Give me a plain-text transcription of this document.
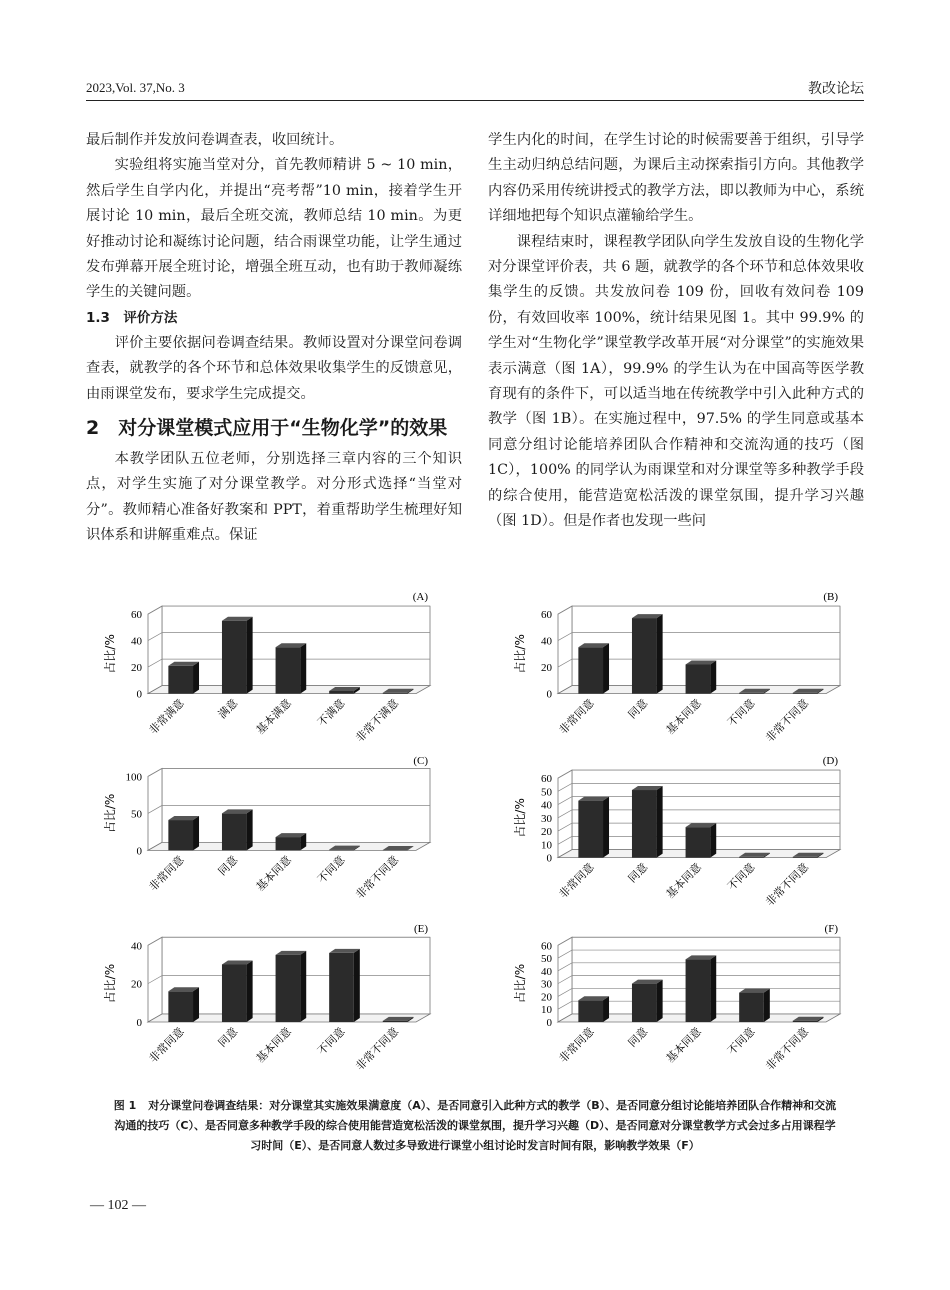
2023,Vol. 37,No. 3	教改论坛

最后制作并发放问卷调查表，收回统计。

实验组将实施当堂对分，首先教师精讲 5 ~ 10 min，然后学生自学内化，并提出“亮考帮”10 min，接着学生开展讨论 10 min，最后全班交流，教师总结 10 min。为更好推动讨论和凝练讨论问题，结合雨课堂功能，让学生通过发布弹幕开展全班讨论，增强全班互动，也有助于教师凝练学生的关键问题。

1.3　 评价方法

评价主要依据问卷调查结果。教师设置对分课堂问卷调查表，就教学的各个环节和总体效果收集学生的反馈意见，由雨课堂发布，要求学生完成提交。

2　 对分课堂模式应用于“生物化学”的效果

本教学团队五位老师，分别选择三章内容的三个知识点，对学生实施了对分课堂教学。对分形式选择“当堂对分”。教师精心准备好教案和 PPT，着重帮助学生梳理好知识体系和讲解重难点。保证

学生内化的时间，在学生讨论的时候需要善于组织，引导学生主动归纳总结问题，为课后主动探索指引方向。其他教学内容仍采用传统讲授式的教学方法，即以教师为中心，系统详细地把每个知识点灌输给学生。

课程结束时，课程教学团队向学生发放自设的生物化学对分课堂评价表，共 6 题，就教学的各个环节和总体效果收集学生的反馈。共发放问卷 109 份，回收有效问卷 109 份，有效回收率 100%，统计结果见图 1。其中 99.9% 的学生对“生物化学”课堂教学改革开展“对分课堂”的实施效果表示满意（图 1A），99.9% 的学生认为在中国高等医学教育现有的条件下，可以适当地在传统教学中引入此种方式的教学（图 1B）。在实施过程中，97.5% 的学生同意或基本同意分组讨论能培养团队合作精神和交流沟通的技巧（图 1C），100% 的同学认为雨课堂和对分课堂等多种教学手段的综合使用，能营造宽松活泼的课堂氛围，提升学习兴趣（图 1D）。但是作者也发现一些问

(A)
0
20
40
60
占比/%
非常满意	满意 基本满意 不满意 非常不满意
(B)
0
20
40
60
占比/%
非常同意	同意 基本同意 不同意 非常不同意
(C)
0
50
100
占比/%
非常同意	同意 基本同意 不同意 非常不同意
(D)
0
10
20
30
40
50
60
占比/%
非常同意	同意 基本同意 不同意 非常不同意
(E)
0
20
40
占比/%
非常同意	同意 基本同意 不同意 非常不同意
(F)
0
10
20
30
40
50
60
占比/%
非常同意	同意 基本同意 不同意 非常不同意
图 1 对分课堂问卷调查结果：对分课堂其实施效果满意度（A）、是否同意引入此种方式的教学（B）、是否同意分组讨论能培养团队合作精神和交流沟通的技巧（C）、是否同意多种教学手段的综合使用能营造宽松活泼的课堂氛围，提升学习兴趣（D）、是否同意对分课堂教学方式会过多占用课程学习时间（E）、是否同意人数过多导致进行课堂小组讨论时发言时间有限，影响教学效果（F）
— 102 —
